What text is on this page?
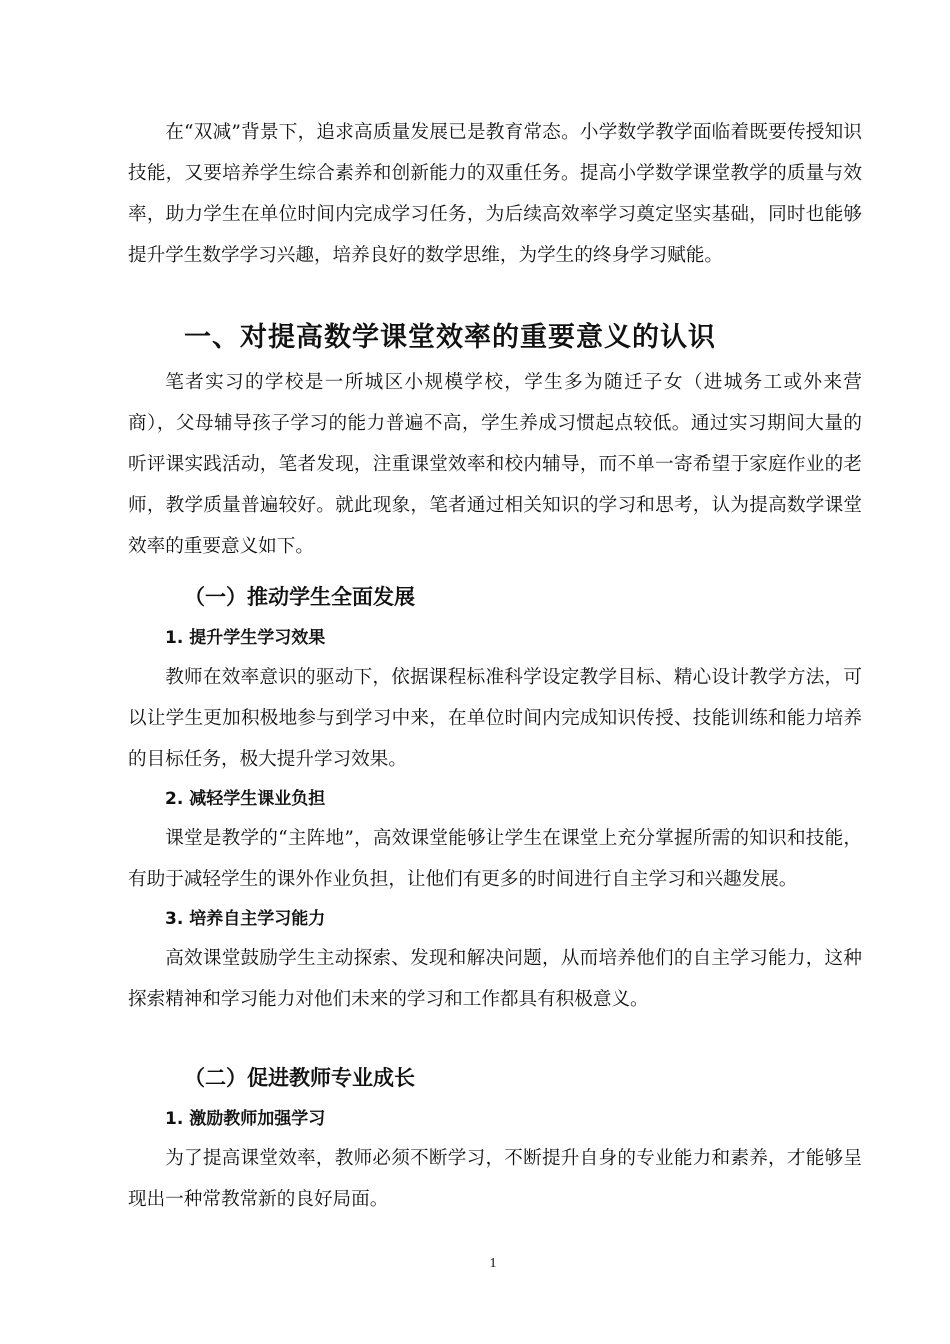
在“双减”背景下，追求高质量发展已是教育常态。小学数学教学面临着既要传授知识技能，又要培养学生综合素养和创新能力的双重任务。提高小学数学课堂教学的质量与效率，助力学生在单位时间内完成学习任务，为后续高效率学习奠定坚实基础，同时也能够提升学生数学学习兴趣，培养良好的数学思维，为学生的终身学习赋能。

一、对提高数学课堂效率的重要意义的认识

笔者实习的学校是一所城区小规模学校，学生多为随迁子女（进城务工或外来营商），父母辅导孩子学习的能力普遍不高，学生养成习惯起点较低。通过实习期间大量的听评课实践活动，笔者发现，注重课堂效率和校内辅导，而不单一寄希望于家庭作业的老师，教学质量普遍较好。就此现象，笔者通过相关知识的学习和思考，认为提高数学课堂效率的重要意义如下。

（一）推动学生全面发展
1. 提升学生学习效果

教师在效率意识的驱动下，依据课程标准科学设定教学目标、精心设计教学方法，可以让学生更加积极地参与到学习中来，在单位时间内完成知识传授、技能训练和能力培养的目标任务，极大提升学习效果。

2. 减轻学生课业负担

课堂是教学的“主阵地”，高效课堂能够让学生在课堂上充分掌握所需的知识和技能，有助于减轻学生的课外作业负担，让他们有更多的时间进行自主学习和兴趣发展。

3. 培养自主学习能力

高效课堂鼓励学生主动探索、发现和解决问题，从而培养他们的自主学习能力，这种探索精神和学习能力对他们未来的学习和工作都具有积极意义。

（二）促进教师专业成长
1. 激励教师加强学习

为了提高课堂效率，教师必须不断学习，不断提升自身的专业能力和素养，才能够呈现出一种常教常新的良好局面。

1
